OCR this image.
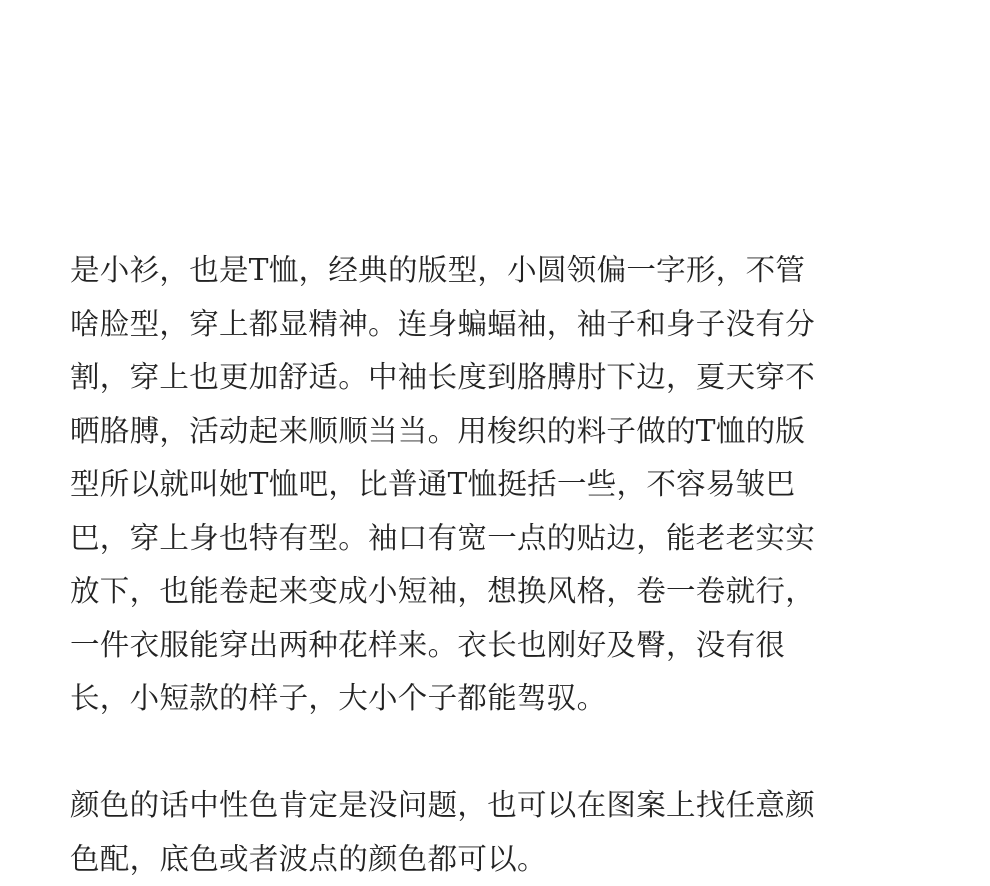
是小衫，也是T恤，经典的版型，小圆领偏一字形，不管
啥脸型，穿上都显精神。连身蝙蝠袖，袖子和身子没有分
割，穿上也更加舒适。中袖长度到胳膊肘下边，夏天穿不
晒胳膊，活动起来顺顺当当。用梭织的料子做的T恤的版
型所以就叫她T恤吧，比普通T恤挺括一些，不容易皱巴
巴，穿上身也特有型。袖口有宽一点的贴边，能老老实实
放下，也能卷起来变成小短袖，想换风格，卷一卷就行，
一件衣服能穿出两种花样来。衣长也刚好及臀，没有很
长，小短款的样子，大小个子都能驾驭。
颜色的话中性色肯定是没问题，也可以在图案上找任意颜
色配，底色或者波点的颜色都可以。
